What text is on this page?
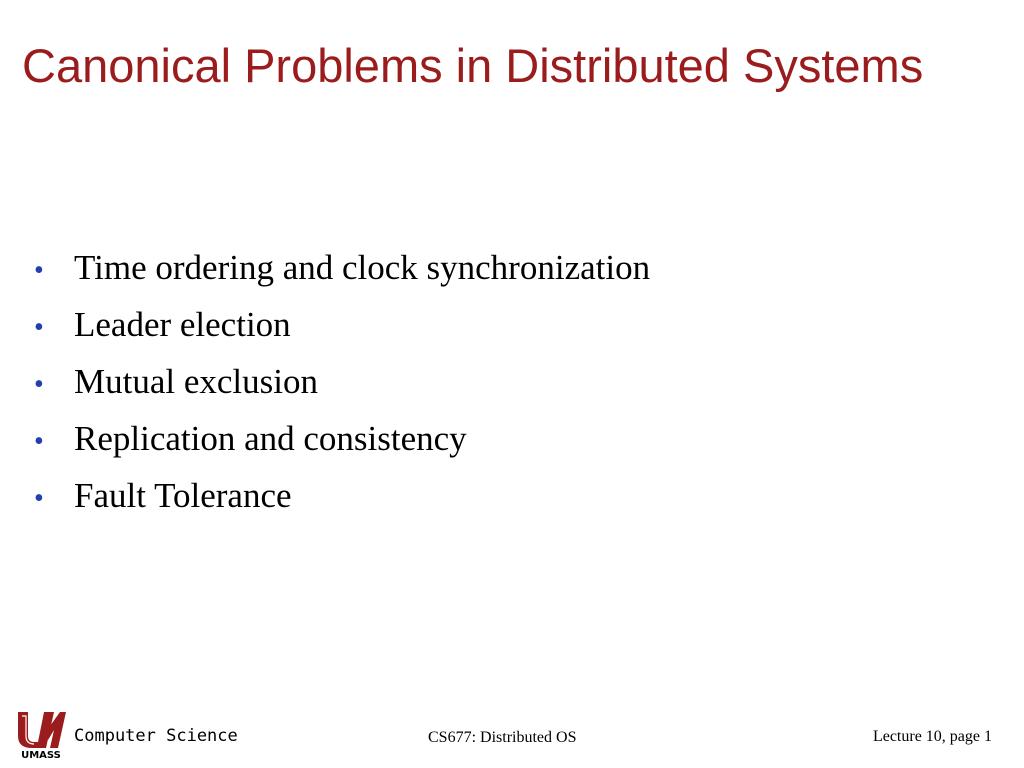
Canonical Problems in Distributed Systems
• Time ordering and clock synchronization
• Leader election
• Mutual exclusion
• Replication and consistency
• Fault Tolerance
UMASS
Computer Science	CS677: Distributed OS	Lecture 10, page 1
